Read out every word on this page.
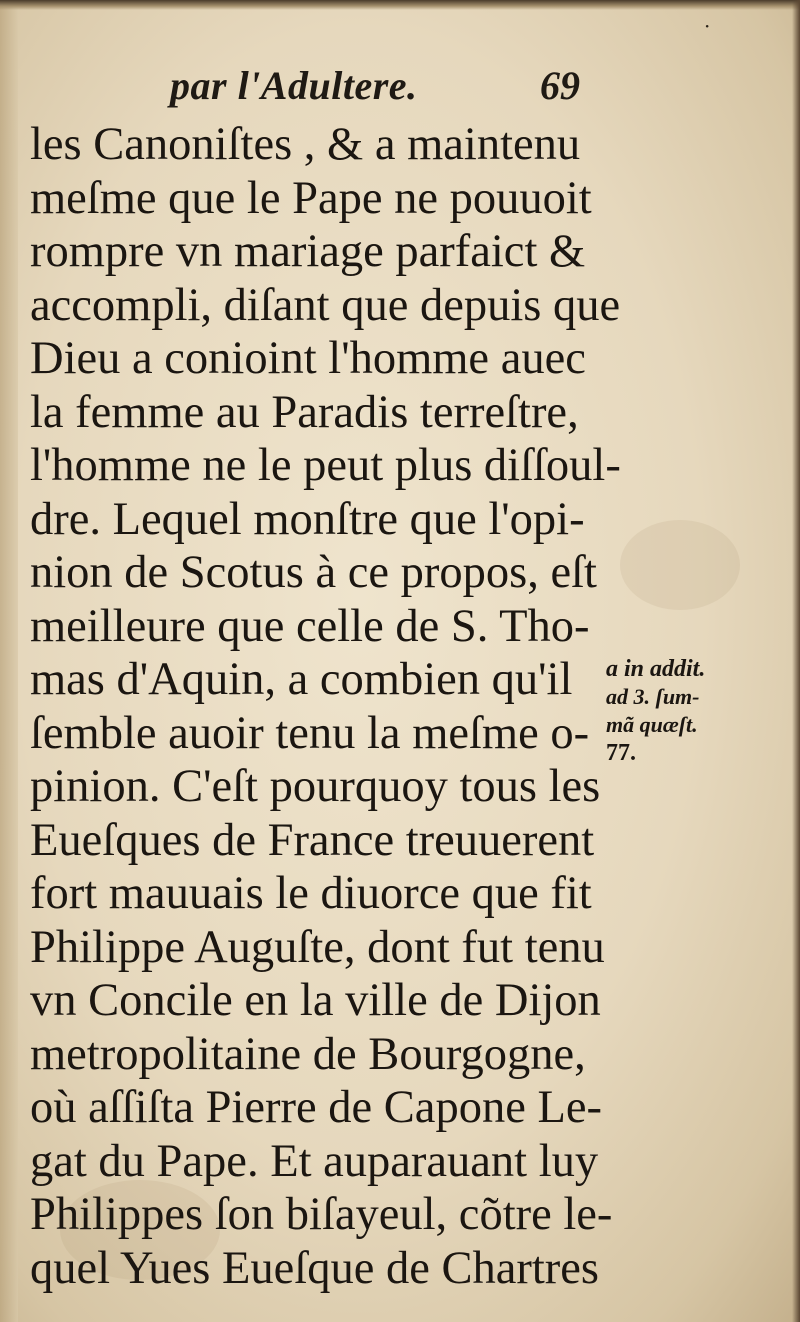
·
par l'Adultere.	69
les Canoniſtes , & a maintenu
meſme que le Pape ne pouuoit
rompre vn mariage parfaict &
accompli, diſant que depuis que
Dieu a conioint l'homme auec
la femme au Paradis terreſtre,
l'homme ne le peut plus diſſoul-
dre. Lequel monſtre que l'opi-
nion de Scotus à ce propos, eſt
meilleure que celle de S. Tho-
mas d'Aquin, a combien qu'il
ſemble auoir tenu la meſme o-
pinion. C'eſt pourquoy tous les
Eueſques de France treuuerent
fort mauuais le diuorce que fit
Philippe Auguſte, dont fut tenu
vn Concile en la ville de Dijon
metropolitaine de Bourgogne,
où aſſiſta Pierre de Capone Le-
gat du Pape. Et auparauant luy
Philippes ſon biſayeul, cõtre le-
quel Yues Eueſque de Chartres
a in addit.
ad 3. ſum-
mã quæſt.
77.
